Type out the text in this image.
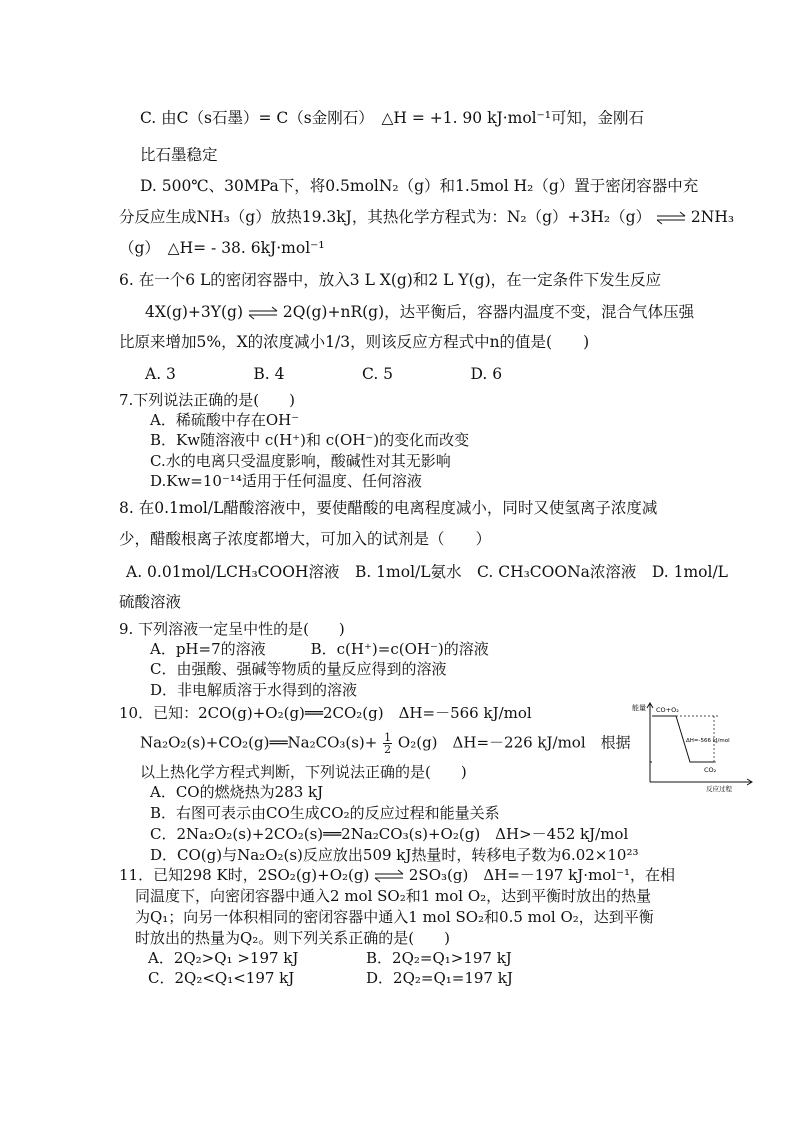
C. 由C（s石墨）= C（s金刚石）　△H = +1. 90 kJ·mol⁻¹可知，金刚石
比石墨稳定
D. 500℃、30MPa下，将0.5molN₂（g）和1.5mol H₂（g）置于密闭容器中充
分反应生成NH₃（g）放热19.3kJ，其热化学方程式为：N₂（g）+3H₂（g） ⇌ 2NH₃
（g）　△H= - 38. 6kJ·mol⁻¹
6. 在一个6 L的密闭容器中，放入3 L X(g)和2 L Y(g)，在一定条件下发生反应
4X(g)+3Y(g) ⇌ 2Q(g)+nR(g)，达平衡后，容器内温度不变，混合气体压强
比原来增加5%，X的浓度减小1/3，则该反应方程式中n的值是(　　)
A. 3　　　　　B. 4　　　　　C. 5　　　　　D. 6
7.下列说法正确的是(　　)
A．稀硫酸中存在OH⁻
B．Kw随溶液中 c(H⁺)和 c(OH⁻)的变化而改变
C.水的电离只受温度影响，酸碱性对其无影响
D.Kw=10⁻¹⁴适用于任何温度、任何溶液
8. 在0.1mol/L醋酸溶液中，要使醋酸的电离程度减小，同时又使氢离子浓度减
少，醋酸根离子浓度都增大，可加入的试剂是（　　）
A. 0.01mol/LCH₃COOH溶液　B. 1mol/L氨水　C. CH₃COONa浓溶液　D. 1mol/L
硫酸溶液
9. 下列溶液一定呈中性的是(　　)
A．pH=7的溶液　　　B．c(H⁺)=c(OH⁻)的溶液
C．由强酸、强碱等物质的量反应得到的溶液
D．非电解质溶于水得到的溶液
10．已知：2CO(g)+O₂(g)══2CO₂(g)　ΔH=－566 kJ/mol
Na₂O₂(s)+CO₂(g)══Na₂CO₃(s)+ $\frac{1}{2} O_2(g)$　ΔH=－226 kJ/mol　根据
以上热化学方程式判断，下列说法正确的是(　　)
A．CO的燃烧热为283 kJ
B．右图可表示由CO生成CO₂的反应过程和能量关系
C．2Na₂O₂(s)+2CO₂(s)══2Na₂CO₃(s)+O₂(g)　ΔH>－452 kJ/mol
D．CO(g)与Na₂O₂(s)反应放出509 kJ热量时，转移电子数为6.02×10²³
能量 CO+O₂
ΔH=-566 kJ/mol
CO₂
反应过程
11．已知298 K时，2SO₂(g)+O₂(g) ⇌ 2SO₃(g)　ΔH=－197 kJ·mol⁻¹，在相
同温度下，向密闭容器中通入2 mol SO₂和1 mol O₂，达到平衡时放出的热量
为Q₁；向另一体积相同的密闭容器中通入1 mol SO₂和0.5 mol O₂，达到平衡
时放出的热量为Q₂。则下列关系正确的是(　　)
A．2Q₂>Q₁ >197 kJ	B．2Q₂=Q₁>197 kJ
C．2Q₂<Q₁<197 kJ	D．2Q₂=Q₁=197 kJ
